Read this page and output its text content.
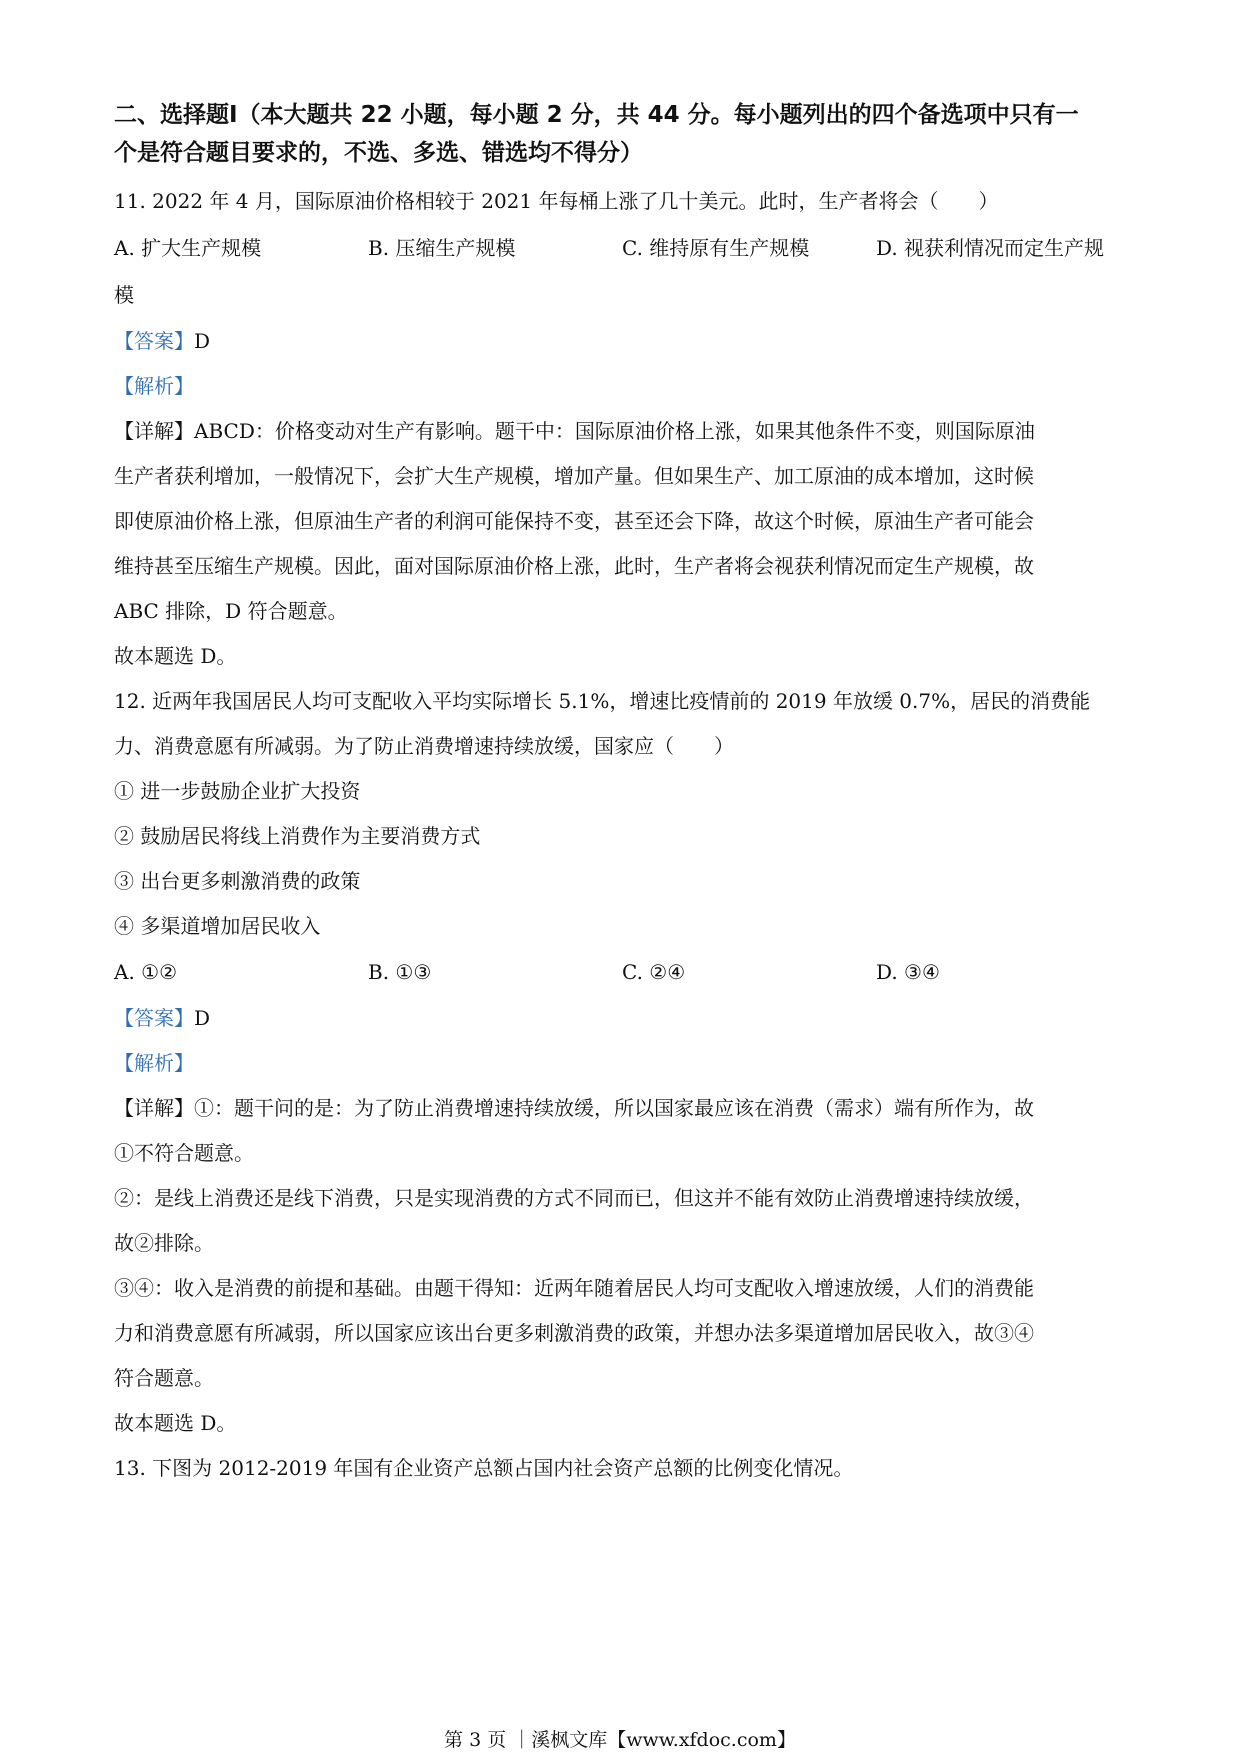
二、选择题Ⅰ（本大题共 22 小题，每小题 2 分，共 44 分。每小题列出的四个备选项中只有一
个是符合题目要求的，不选、多选、错选均不得分）

11. 2022 年 4 月，国际原油价格相较于 2021 年每桶上涨了几十美元。此时，生产者将会（　　）

A. 扩大生产规模	B. 压缩生产规模	C. 维持原有生产规模	D. 视获利情况而定生产规

模

【答案】D

【解析】

【详解】ABCD：价格变动对生产有影响。题干中：国际原油价格上涨，如果其他条件不变，则国际原油

生产者获利增加，一般情况下，会扩大生产规模，增加产量。但如果生产、加工原油的成本增加，这时候

即使原油价格上涨，但原油生产者的利润可能保持不变，甚至还会下降，故这个时候，原油生产者可能会

维持甚至压缩生产规模。因此，面对国际原油价格上涨，此时，生产者将会视获利情况而定生产规模，故

ABC 排除，D 符合题意。

故本题选 D。

12. 近两年我国居民人均可支配收入平均实际增长 5.1%，增速比疫情前的 2019 年放缓 0.7%，居民的消费能

力、消费意愿有所减弱。为了防止消费增速持续放缓，国家应（　　）

① 进一步鼓励企业扩大投资

② 鼓励居民将线上消费作为主要消费方式

③ 出台更多刺激消费的政策

④ 多渠道增加居民收入

A. ①②	B. ①③	C. ②④	D. ③④

【答案】D

【解析】

【详解】①：题干问的是：为了防止消费增速持续放缓，所以国家最应该在消费（需求）端有所作为，故

①不符合题意。

②：是线上消费还是线下消费，只是实现消费的方式不同而已，但这并不能有效防止消费增速持续放缓，

故②排除。

③④：收入是消费的前提和基础。由题干得知：近两年随着居民人均可支配收入增速放缓，人们的消费能

力和消费意愿有所减弱，所以国家应该出台更多刺激消费的政策，并想办法多渠道增加居民收入，故③④

符合题意。

故本题选 D。

13. 下图为 2012-2019 年国有企业资产总额占国内社会资产总额的比例变化情况。

第 3 页 ｜溪枫文库【www.xfdoc.com】
